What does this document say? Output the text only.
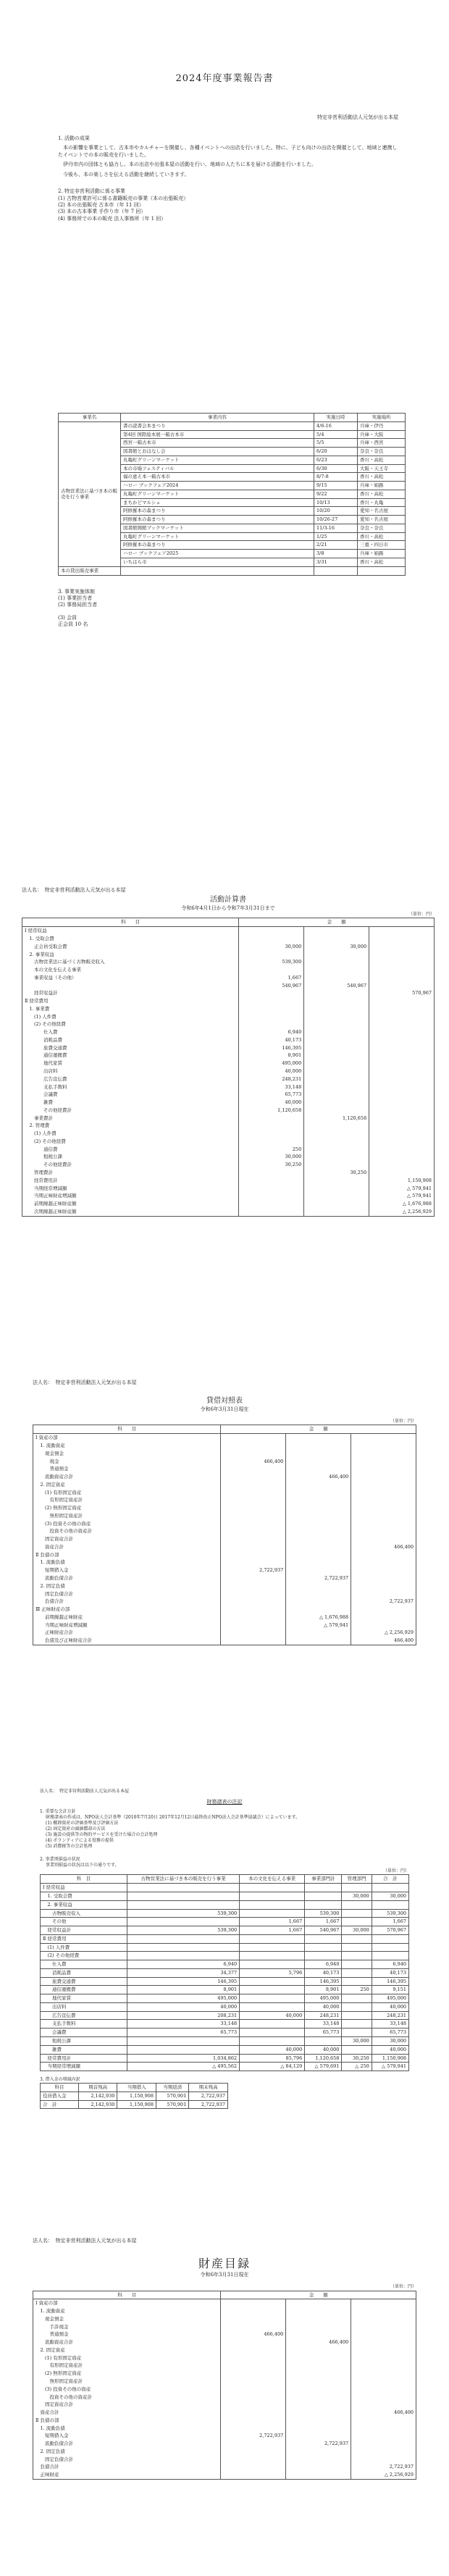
2024年度事業報告書
特定非営利活動法人元気が出る本屋
1. 活動の成果
本の影響を事業として、古本市やカルチャーを開催し、各種イベントへの出店を行いました。特に、子ども向けの出店を開催として、地域と連携したイベントでの本の販売を行いました。
伊丹市内の団体とも協力し、本の出店や出張本屋の活動を行い、地域の人たちに本を届ける活動を行いました。
今後も、本の楽しさを伝える活動を継続していきます。
2. 特定非営利活動に係る事業
(1) 古物営業許可に係る書籍販売の事業（本の出張販売）
(2) 本の出張販売 古本市（年 11 回）
(3) 本の古本事業 手作り市（年 7 回）
(4) 事務所での本の販売 法人事務所（年 1 回）
事業名	事業内容	実施日時	実施場所
古物営業法に基づき本の販売を行う事業	書の読書会本まつり	4/6-16	兵庫・伊丹
	第4回 国際絵本展一箱古本市	5/4	兵庫・大阪
	西宮一箱古本市	5/5	兵庫・西宮
	図書館とおはなし会	6/20	奈良・奈良
	丸亀町グリーンマーケット	6/23	香川・高松
	本の市場フェスティバル	6/30	大阪・天王寺
	福の恵え本一箱古本市	8/7-8	香川・高松
	ハロー ブックフェア2024	9/15	兵庫・姫路
	丸亀町グリーンマーケット	9/22	香川・高松
	まちかどマルシェ	10/13	香川・丸亀
	阿修羅本の森まつり	10/20	愛知・名古屋
	阿修羅本の森まつり	10/26-27	愛知・名古屋
	図書館開館ブックマーケット	11/3-16	奈良・奈良
	丸亀町グリーンマーケット	1/25	香川・高松
	阿修羅本の森まつり	2/21	三重・四日市
	ハロー ブックフェア2025	3/8	兵庫・姫路
	いちはら市	3/31	香川・高松
本の貸出販売事業			
3. 事業実施体制
(1) 事業担当者
(2) 事務局担当者
(3) 会員
正会員 10 名
法人名：　特定非営利活動法人元気が出る本屋
活動計算書
令和6年4月1日から令和7年3月31日まで
（単位：円）
科　　目	金　　額		
Ⅰ 経常収益			
　1. 受取会費			
　　正会員受取会費	30,000	30,000	
　2. 事業収益			
　　古物営業法に基づく古物販売収入	539,300		
　　本の文化を伝える事業			
　　事業収益（その他）	1,667		
　　	540,967	540,967	
　　経常収益計			570,967
Ⅱ 経常費用			
　1. 事業費			
　　(1) 人件費			
　　(2) その他経費			
　　　　仕入費	6,940		
　　　　消耗品費	40,173		
　　　　旅費交通費	146,395		
　　　　通信運搬費	8,901		
　　　　地代家賃	495,000		
　　　　出店料	40,000		
　　　　広告宣伝費	248,231		
　　　　支払手数料	33,148		
　　　　会議費	65,773		
　　　　雑費	40,000		
　　　　その他経費計	1,120,658		
　　事業費計		1,120,658	
　2. 管理費			
　　(1) 人件費			
　　(2) その他経費			
　　　　通信費	250		
　　　　租税公課	30,000		
　　　　その他経費計	30,250		
　　管理費計		30,250	
　　経常費用計			1,150,908
　　当期経常増減額			△ 579,941
　　当期正味財産増減額			△ 579,941
　　前期繰越正味財産額			△ 1,676,988
　　次期繰越正味財産額			△ 2,256,929
法人名：　特定非営利活動法人元気が出る本屋
貸借対照表
令和6年3月31日現在
（単位：円）
科　　目	金　　額		
Ⅰ 資産の部			
　1. 流動資産			
　　現金預金			
　　　現金	466,400		
　　　普通預金			
　　流動資産合計		466,400	
　2. 固定資産			
　　(1) 有形固定資産			
　　　有形固定資産計			
　　(2) 無形固定資産			
　　　無形固定資産計			
　　(3) 投資その他の資産			
　　　投資その他の資産計			
　　固定資産合計			
　　資産合計			466,400
Ⅱ 負債の部			
　1. 流動負債			
　　短期借入金	2,722,937		
　　流動負債合計		2,722,937	
　2. 固定負債			
　　固定負債合計			
　　負債合計			2,722,937
Ⅲ 正味財産の部			
　　前期繰越正味財産		△ 1,676,988	
　　当期正味財産増減額		△ 579,941	
　　正味財産合計			△ 2,256,929
　　負債及び正味財産合計			466,400
法人名：　特定非営利活動法人元気が出る本屋
財務諸表の注記
1. 重要な会計方針
財務諸表の作成は、NPO法人会計基準（2010年7月20日 2017年12月12日最終改正NPO法人会計基準協議会）によっています。
(1) 棚卸資産の評価基準及び評価方法
(2) 固定資産の減価償却の方法
(3) 施設の提供等の物的サービスを受けた場合の会計処理
(4) ボランティアによる役務の提供
(5) 消費税等の会計処理
2. 事業別損益の状況
事業別損益の状況は以下の通りです。
（単位：円）
科　目	古物営業法に基づき本の販売を行う事業	本の文化を伝える事業	事業部門計	管理部門	合　計
Ⅰ 経常収益					
　1. 受取会費				30,000	30,000
　2. 事業収益					
　　古物販売収入	539,300		539,300		539,300
　　その他		1,667	1,667		1,667
　経常収益計	539,300	1,667	540,967	30,000	570,967
Ⅱ 経常費用					
　(1) 人件費					
　(2) その他経費					
　　仕入費	6,940		6,940		6,940
　　消耗品費	34,377	5,796	40,173		40,173
　　旅費交通費	146,395		146,395		146,395
　　通信運搬費	8,901		8,901	250	9,151
　　地代家賃	495,000		495,000		495,000
　　出店料	40,000		40,000		40,000
　　広告宣伝費	208,231	40,000	248,231		248,231
　　支払手数料	33,148		33,148		33,148
　　会議費	65,773		65,773		65,773
　　租税公課				30,000	30,000
　　雑費		40,000	40,000		40,000
　経常費用計	1,034,862	85,796	1,120,658	30,250	1,150,908
　当期経常増減額	△ 495,562	△ 84,129	△ 579,691	△ 250	△ 579,941
3. 借入金の増減内訳
科目	期首残高	当期借入	当期返済	期末残高
役員借入金	2,142,930	1,150,908	570,901	2,722,937
合　計	2,142,930	1,150,908	570,901	2,722,937
法人名：　特定非営利活動法人元気が出る本屋
財産目録
令和6年3月31日現在
（単位：円）
科　　目	金　　額		
Ⅰ 資産の部			
　1. 流動資産			
　　現金預金			
　　　手許現金			
　　　普通預金	466,400		
　　流動資産合計		466,400	
　2. 固定資産			
　　(1) 有形固定資産			
　　　有形固定資産計			
　　(2) 無形固定資産			
　　　無形固定資産計			
　　(3) 投資その他の資産			
　　　投資その他の資産計			
　　固定資産合計			
　資産合計			466,400
Ⅱ 負債の部			
　1. 流動負債			
　　短期借入金	2,722,937		
　　流動負債合計		2,722,937	
　2. 固定負債			
　　固定負債合計			
　負債合計			2,722,937
　正味財産			△ 2,256,929
